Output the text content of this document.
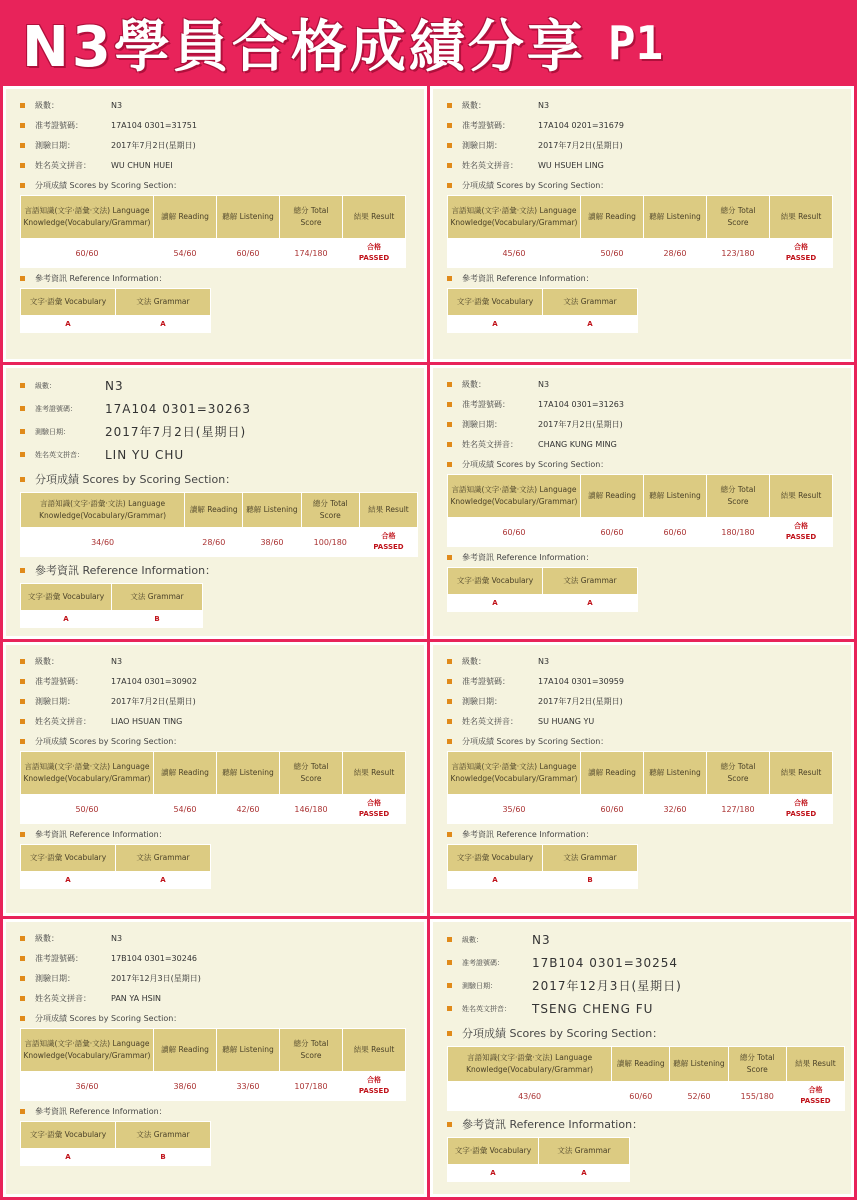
N3學員合格成績分享 P1
級數：	N3
准考證號碼：	17A104 0301=31751
測驗日期：	2017年7月2日(星期日)
姓名英文拼音：	WU CHUN HUEI
分項成績 Scores by Scoring Section：
言語知識(文字·語彙·文法) Language Knowledge(Vocabulary/Grammar)	讀解 Reading	聽解 Listening	總分 Total Score	結果 Result
60/60	54/60	60/60	174/180	合格
PASSED
參考資訊 Reference Information：
文字·語彙 Vocabulary	文法 Grammar
A	A
級數：	N3
准考證號碼：	17A104 0201=31679
測驗日期：	2017年7月2日(星期日)
姓名英文拼音：	WU HSUEH LING
分項成績 Scores by Scoring Section：
言語知識(文字·語彙·文法) Language Knowledge(Vocabulary/Grammar)	讀解 Reading	聽解 Listening	總分 Total Score	結果 Result
45/60	50/60	28/60	123/180	合格
PASSED
參考資訊 Reference Information：
文字·語彙 Vocabulary	文法 Grammar
A	A
級數：	N3
准考證號碼：	17A104 0301=30263
測驗日期：	2017年7月2日(星期日)
姓名英文拼音：	LIN YU CHU
分項成績 Scores by Scoring Section：
言語知識(文字·語彙·文法) Language Knowledge(Vocabulary/Grammar)	讀解 Reading	聽解 Listening	總分 Total Score	結果 Result
34/60	28/60	38/60	100/180	合格
PASSED
參考資訊 Reference Information：
文字·語彙 Vocabulary	文法 Grammar
A	B
級數：	N3
准考證號碼：	17A104 0301=31263
測驗日期：	2017年7月2日(星期日)
姓名英文拼音：	CHANG KUNG MING
分項成績 Scores by Scoring Section：
言語知識(文字·語彙·文法) Language Knowledge(Vocabulary/Grammar)	讀解 Reading	聽解 Listening	總分 Total Score	結果 Result
60/60	60/60	60/60	180/180	合格
PASSED
參考資訊 Reference Information：
文字·語彙 Vocabulary	文法 Grammar
A	A
級數：	N3
准考證號碼：	17A104 0301=30902
測驗日期：	2017年7月2日(星期日)
姓名英文拼音：	LIAO HSUAN TING
分項成績 Scores by Scoring Section：
言語知識(文字·語彙·文法) Language Knowledge(Vocabulary/Grammar)	讀解 Reading	聽解 Listening	總分 Total Score	結果 Result
50/60	54/60	42/60	146/180	合格
PASSED
參考資訊 Reference Information：
文字·語彙 Vocabulary	文法 Grammar
A	A
級數：	N3
准考證號碼：	17A104 0301=30959
測驗日期：	2017年7月2日(星期日)
姓名英文拼音：	SU HUANG YU
分項成績 Scores by Scoring Section：
言語知識(文字·語彙·文法) Language Knowledge(Vocabulary/Grammar)	讀解 Reading	聽解 Listening	總分 Total Score	結果 Result
35/60	60/60	32/60	127/180	合格
PASSED
參考資訊 Reference Information：
文字·語彙 Vocabulary	文法 Grammar
A	B
級數：	N3
准考證號碼：	17B104 0301=30246
測驗日期：	2017年12月3日(星期日)
姓名英文拼音：	PAN YA HSIN
分項成績 Scores by Scoring Section：
言語知識(文字·語彙·文法) Language Knowledge(Vocabulary/Grammar)	讀解 Reading	聽解 Listening	總分 Total Score	結果 Result
36/60	38/60	33/60	107/180	合格
PASSED
參考資訊 Reference Information：
文字·語彙 Vocabulary	文法 Grammar
A	B
級數：	N3
准考證號碼：	17B104 0301=30254
測驗日期：	2017年12月3日(星期日)
姓名英文拼音：	TSENG CHENG FU
分項成績 Scores by Scoring Section：
言語知識(文字·語彙·文法) Language Knowledge(Vocabulary/Grammar)	讀解 Reading	聽解 Listening	總分 Total Score	結果 Result
43/60	60/60	52/60	155/180	合格
PASSED
參考資訊 Reference Information：
文字·語彙 Vocabulary	文法 Grammar
A	A
